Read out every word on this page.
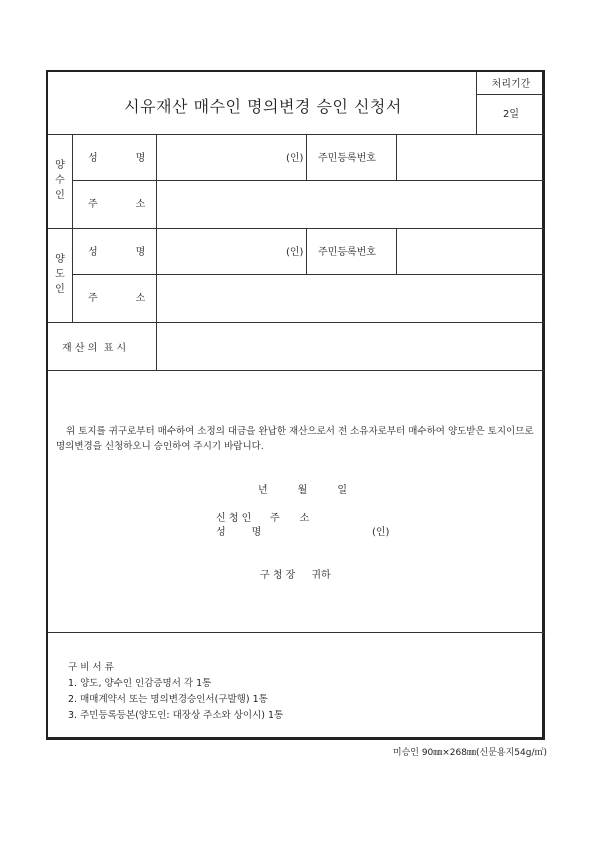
시유재산 매수인 명의변경 승인 신청서
처리기간
2일
양
수
인
성	명	(인) 주민등록번호
주	소
양
도
인
성	명	(인) 주민등록번호
주	소
재 산 의  표 시
위 토지를 귀구로부터 매수하여 소정의 대금을 완납한 재산으로서 전 소유자로부터 매수하여 양도받은 토지이므로 명의변경을 신청하오니 승인하여 주시기 바랍니다.
년	월	일
신 청 인 주 소
성	명	(인)
구 청 장 귀하
구 비 서 류
1. 양도, 양수인 인감증명서 각 1통
2. 매매계약서 또는 명의변경승인서(구발행) 1통
3. 주민등록등본(양도인: 대장상 주소와 상이시) 1통
미승인 90㎜×268㎜(신문용지54g/㎡)
